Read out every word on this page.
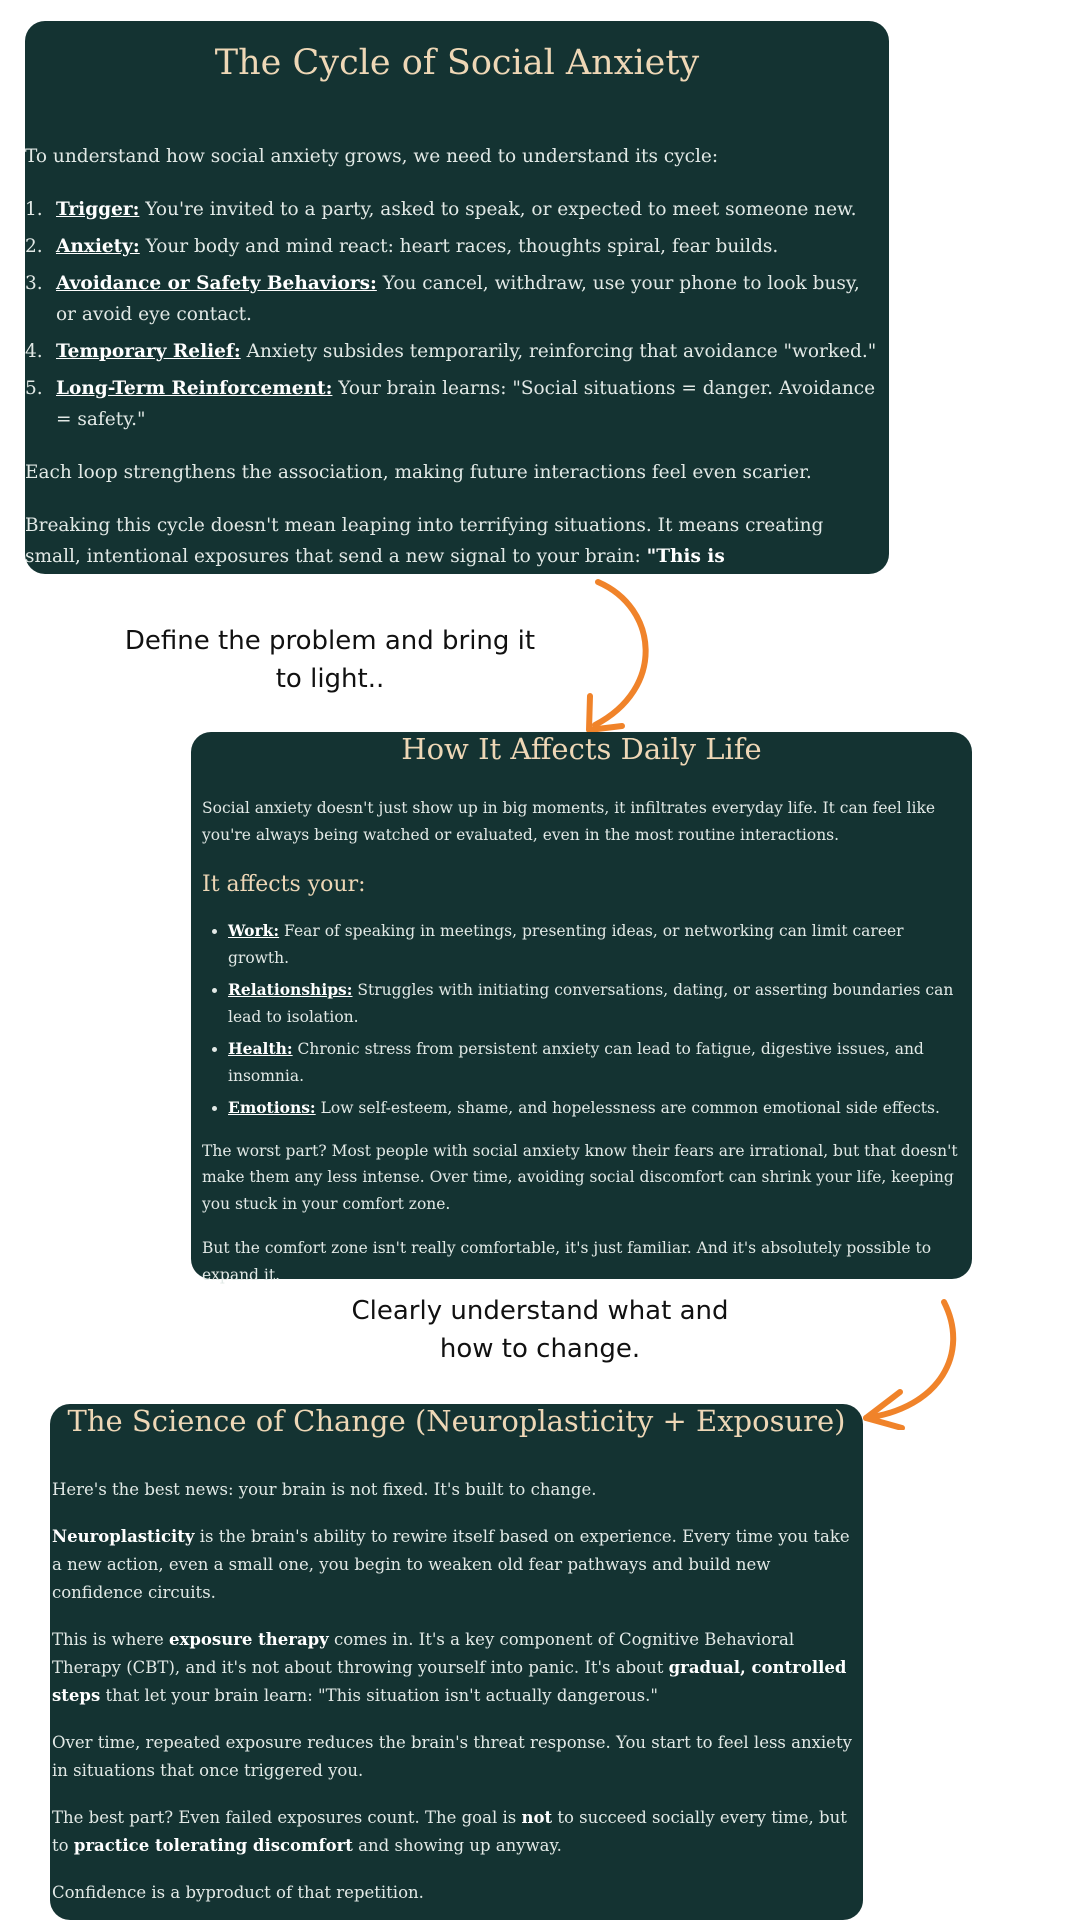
The Cycle of Social Anxiety

To understand how social anxiety grows, we need to understand its cycle:

1. Trigger: You're invited to a party, asked to speak, or expected to meet someone new.
2. Anxiety: Your body and mind react: heart races, thoughts spiral, fear builds.
3. Avoidance or Safety Behaviors: You cancel, withdraw, use your phone to look busy, or avoid eye contact.
4. Temporary Relief: Anxiety subsides temporarily, reinforcing that avoidance "worked."
5. Long-Term Reinforcement: Your brain learns: "Social situations = danger. Avoidance = safety."

Each loop strengthens the association, making future interactions feel even scarier.

Breaking this cycle doesn't mean leaping into terrifying situations. It means creating small, intentional exposures that send a new signal to your brain: "This is uncomfortable, but I can handle it."

Define the problem and bring it to light..
How It Affects Daily Life

Social anxiety doesn't just show up in big moments, it infiltrates everyday life. It can feel like you're always being watched or evaluated, even in the most routine interactions.

It affects your:
• Work: Fear of speaking in meetings, presenting ideas, or networking can limit career growth.
• Relationships: Struggles with initiating conversations, dating, or asserting boundaries can lead to isolation.
• Health: Chronic stress from persistent anxiety can lead to fatigue, digestive issues, and insomnia.
• Emotions: Low self-esteem, shame, and hopelessness are common emotional side effects.

The worst part? Most people with social anxiety know their fears are irrational, but that doesn't make them any less intense. Over time, avoiding social discomfort can shrink your life, keeping you stuck in your comfort zone.

But the comfort zone isn't really comfortable, it's just familiar. And it's absolutely possible to expand it.

Clearly understand what and how to change.
The Science of Change (Neuroplasticity + Exposure)

Here's the best news: your brain is not fixed. It's built to change.

Neuroplasticity is the brain's ability to rewire itself based on experience. Every time you take a new action, even a small one, you begin to weaken old fear pathways and build new confidence circuits.

This is where exposure therapy comes in. It's a key component of Cognitive Behavioral Therapy (CBT), and it's not about throwing yourself into panic. It's about gradual, controlled steps that let your brain learn: "This situation isn't actually dangerous."

Over time, repeated exposure reduces the brain's threat response. You start to feel less anxiety in situations that once triggered you.

The best part? Even failed exposures count. The goal is not to succeed socially every time, but to practice tolerating discomfort and showing up anyway.

Confidence is a byproduct of that repetition.
